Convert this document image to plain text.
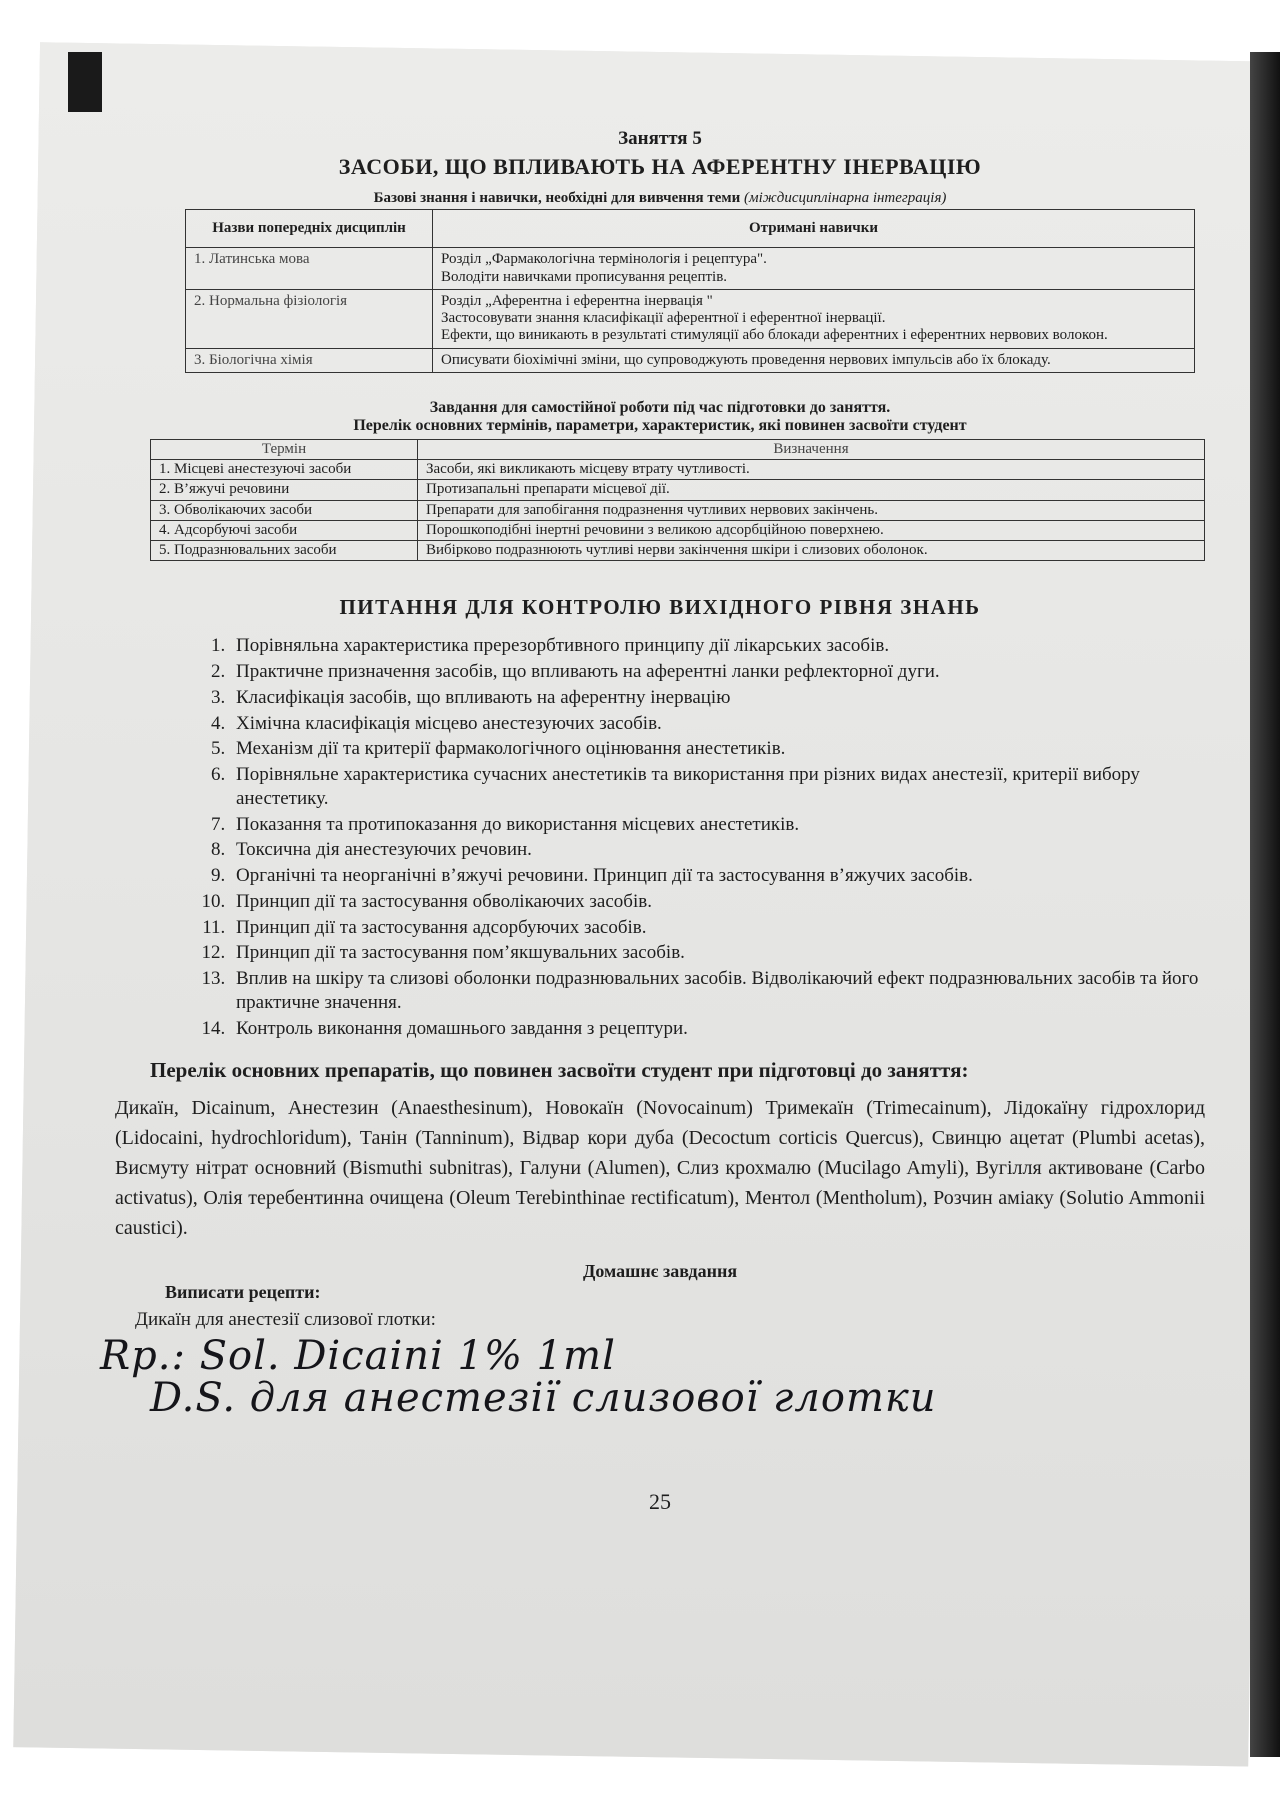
Заняття 5
ЗАСОБИ, ЩО ВПЛИВАЮТЬ НА АФЕРЕНТНУ ІНЕРВАЦІЮ
Базові знання і навички, необхідні для вивчення теми (міждисциплінарна інтеграція)
Назви попередніх дисциплін	Отримані навички
1. Латинська мова	Розділ „Фармакологічна термінологія і рецептура".
Володіти навичками прописування рецептів.

2. Нормальна фізіологія	Розділ „Аферентна і еферентна інервація "
Застосовувати знання класифікації аферентної і еферентної інервації.
Ефекти, що виникають в результаті стимуляції або блокади аферентних і еферентних нервових волокон.

3. Біологічна хімія	Описувати біохімічні зміни, що супроводжують проведення нервових імпульсів або їх блокаду.
Завдання для самостійної роботи під час підготовки до заняття.
Перелік основних термінів, параметри, характеристик, які повинен засвоїти студент
Термін	Визначення
1. Місцеві анестезуючі засоби	Засоби, які викликають місцеву втрату чутливості.
2. В’яжучі речовини	Протизапальні препарати місцевої дії.
3. Обволікаючих засоби	Препарати для запобігання подразнення чутливих нервових закінчень.
4. Адсорбуючі засоби	Порошкоподібні інертні речовини з великою адсорбційною поверхнею.
5. Подразнювальних засоби	Вибірково подразнюють чутливі нерви закінчення шкіри і слизових оболонок.
ПИТАННЯ ДЛЯ КОНТРОЛЮ ВИХІДНОГО РІВНЯ ЗНАНЬ
1. Порівняльна характеристика пререзорбтивного принципу дії лікарських засобів.
2. Практичне призначення засобів, що впливають на аферентні ланки рефлекторної дуги.
3. Класифікація засобів, що впливають на аферентну інервацію
4. Хімічна класифікація місцево анестезуючих засобів.
5. Механізм дії та критерії фармакологічного оцінювання анестетиків.
6. Порівняльне характеристика сучасних анестетиків та використання при різних видах анестезії, критерії вибору анестетику.
7. Показання та протипоказання до використання місцевих анестетиків.
8. Токсична дія анестезуючих речовин.
9. Органічні та неорганічні в’яжучі речовини. Принцип дії та застосування в’яжучих засобів.
10. Принцип дії та застосування обволікаючих засобів.
11. Принцип дії та застосування адсорбуючих засобів.
12. Принцип дії та застосування пом’якшувальних засобів.
13. Вплив на шкіру та слизові оболонки подразнювальних засобів. Відволікаючий ефект подразнювальних засобів та його практичне значення.
14. Контроль виконання домашнього завдання з рецептури.
Перелік основних препаратів, що повинен засвоїти студент при підготовці до заняття:
Дикаїн, Dicainum, Анестезин (Anaesthesinum), Новокаїн (Novocainum) Тримекаїн (Trimecainum), Лідокаїну гідрохлорид (Lidocaini, hydrochloridum), Танін (Tanninum), Відвар кори дуба (Decoctum corticis Quercus), Свинцю ацетат (Plumbi acetas), Висмуту нітрат основний (Bismuthi subnitras), Галуни (Alumen), Слиз крохмалю (Mucilago Amyli), Вугілля активоване (Carbo activatus), Олія теребентинна очищена (Oleum Terebinthinae rectificatum), Ментол (Mentholum), Розчин аміаку (Solutio Ammonii caustici).
Домашнє завдання
Виписати рецепти:
Дикаїн для анестезії слизової глотки:
Rp.: Sol. Dicaini 1% 1ml
D.S. для анестезії слизової глотки
25
